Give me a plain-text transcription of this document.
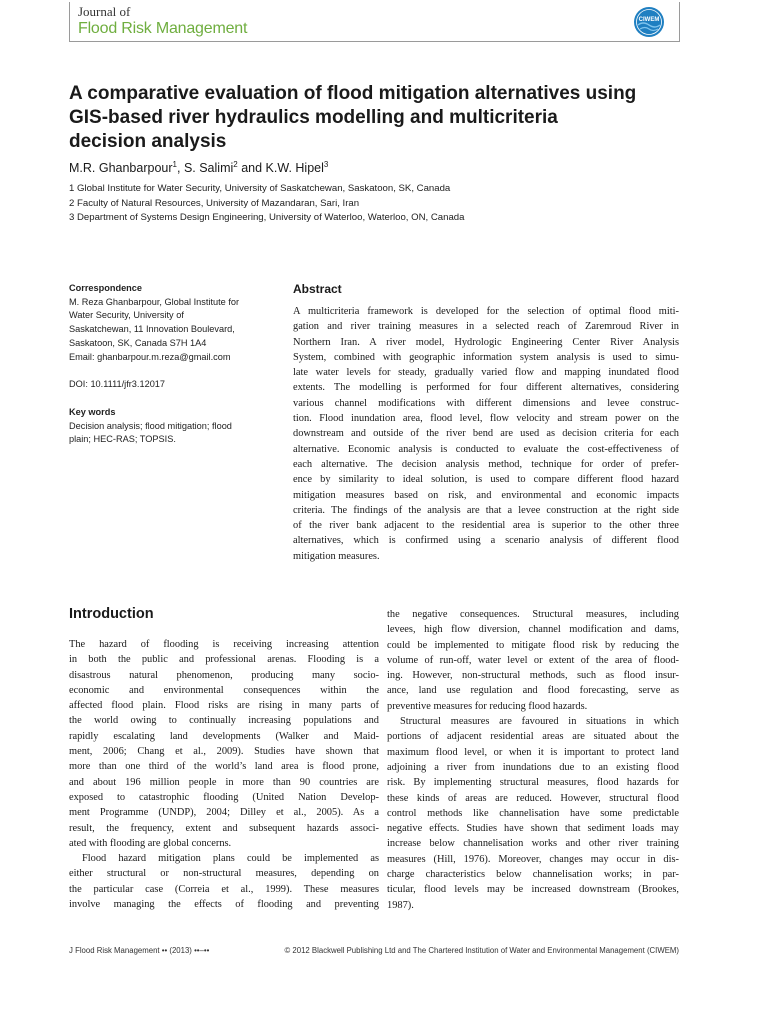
Journal of
Flood Risk Management	CIWEM
A comparative evaluation of flood mitigation alternatives using
GIS-based river hydraulics modelling and multicriteria
decision analysis
M.R. Ghanbarpour$^1$, S. Salimi$^2$ and K.W. Hipel$^3$
1 Global Institute for Water Security, University of Saskatchewan, Saskatoon, SK, Canada
2 Faculty of Natural Resources, University of Mazandaran, Sari, Iran
3 Department of Systems Design Engineering, University of Waterloo, Waterloo, ON, Canada
Correspondence
M. Reza Ghanbarpour, Global Institute for
Water Security, University of
Saskatchewan, 11 Innovation Boulevard,
Saskatoon, SK, Canada S7H 1A4
Email: ghanbarpour.m.reza@gmail.com
DOI: 10.1111/jfr3.12017
Key words
Decision analysis; flood mitigation; flood
plain; HEC-RAS; TOPSIS.
Abstract
A multicriteria framework is developed for the selection of optimal flood miti-
gation and river training measures in a selected reach of Zaremroud River in
Northern Iran. A river model, Hydrologic Engineering Center River Analysis
System, combined with geographic information system analysis is used to simu-
late water levels for steady, gradually varied flow and mapping inundated flood
extents. The modelling is performed for four different alternatives, considering
various channel modifications with different dimensions and levee construc-
tion. Flood inundation area, flood level, flow velocity and stream power on the
downstream and outside of the river bend are used as decision criteria for each
alternative. Economic analysis is conducted to evaluate the cost-effectiveness of
each alternative. The decision analysis method, technique for order of prefer-
ence by similarity to ideal solution, is used to compare different flood hazard
mitigation measures based on risk, and environmental and economic impacts
criteria. The findings of the analysis are that a levee construction at the right side
of the river bank adjacent to the residential area is superior to the other three
alternatives, which is confirmed using a scenario analysis of different flood
mitigation measures.
Introduction
The hazard of flooding is receiving increasing attention
in both the public and professional arenas. Flooding is a
disastrous natural phenomenon, producing many socio-
economic and environmental consequences within the
affected flood plain. Flood risks are rising in many parts of
the world owing to continually increasing populations and
rapidly escalating land developments (Walker and Maid-
ment, 2006; Chang et al., 2009). Studies have shown that
more than one third of the world’s land area is flood prone,
and about 196 million people in more than 90 countries are
exposed to catastrophic flooding (United Nation Develop-
ment Programme (UNDP), 2004; Dilley et al., 2005). As a
result, the frequency, extent and subsequent hazards associ-
ated with flooding are global concerns.
Flood hazard mitigation plans could be implemented as
either structural or non-structural measures, depending on
the particular case (Correia et al., 1999). These measures
involve managing the effects of flooding and preventing
the negative consequences. Structural measures, including
levees, high flow diversion, channel modification and dams,
could be implemented to mitigate flood risk by reducing the
volume of run-off, water level or extent of the area of flood-
ing. However, non-structural methods, such as flood insur-
ance, land use regulation and flood forecasting, serve as
preventive measures for reducing flood hazards.
Structural measures are favoured in situations in which
portions of adjacent residential areas are situated about the
maximum flood level, or when it is important to protect land
adjoining a river from inundations due to an existing flood
risk. By implementing structural measures, flood hazards for
these kinds of areas are reduced. However, structural flood
control methods like channelisation have some predictable
negative effects. Studies have shown that sediment loads may
increase below channelisation works and other river training
measures (Hill, 1976). Moreover, changes may occur in dis-
charge characteristics below channelisation works; in par-
ticular, flood levels may be increased downstream (Brookes,
1987).
J Flood Risk Management •• (2013) ••–••	© 2012 Blackwell Publishing Ltd and The Chartered Institution of Water and Environmental Management (CIWEM)
